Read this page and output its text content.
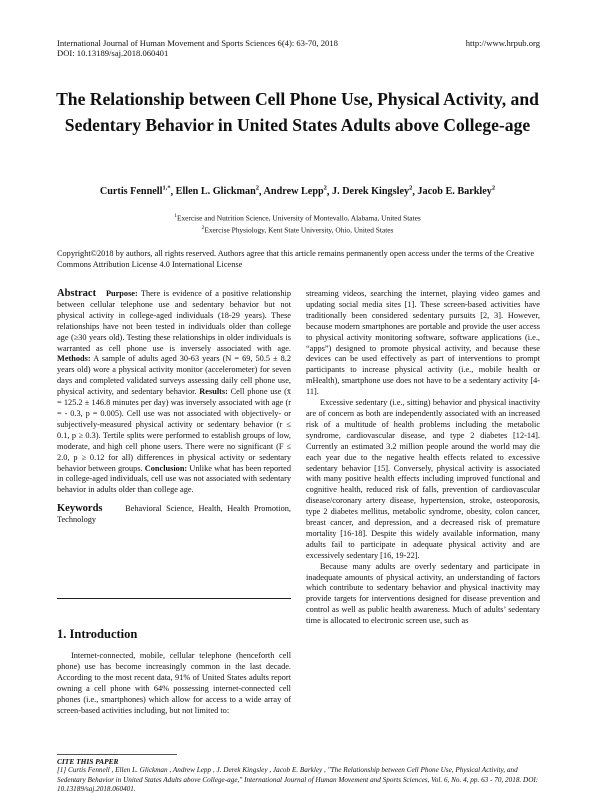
International Journal of Human Movement and Sports Sciences 6(4): 63-70, 2018	http://www.hrpub.org
DOI: 10.13189/saj.2018.060401
The Relationship between Cell Phone Use, Physical Activity, and Sedentary Behavior in United States Adults above College-age
Curtis Fennell$^{1,*}$, Ellen L. Glickman$^2$, Andrew Lepp$^2$, J. Derek Kingsley$^2$, Jacob E. Barkley$^2$
$^1$Exercise and Nutrition Science, University of Montevallo, Alabama, United States
$^2$Exercise Physiology, Kent State University, Ohio, United States
Copyright©2018 by authors, all rights reserved. Authors agree that this article remains permanently open access under the terms of the Creative Commons Attribution License 4.0 International License

Abstract Purpose: There is evidence of a positive relationship between cellular telephone use and sedentary behavior but not physical activity in college-aged individuals (18-29 years). These relationships have not been tested in individuals older than college age (≥30 years old). Testing these relationships in older individuals is warranted as cell phone use is inversely associated with age. Methods: A sample of adults aged 30-63 years (N = 69, 50.5 ± 8.2 years old) wore a physical activity monitor (accelerometer) for seven days and completed validated surveys assessing daily cell phone use, physical activity, and sedentary behavior. Results: Cell phone use (x̄ = 125.2 ± 146.8 minutes per day) was inversely associated with age (r = - 0.3, p = 0.005). Cell use was not associated with objectively- or subjectively-measured physical activity or sedentary behavior (r ≤ 0.1, p ≥ 0.3). Tertile splits were performed to establish groups of low, moderate, and high cell phone users. There were no significant (F ≤ 2.0, p ≥ 0.12 for all) differences in physical activity or sedentary behavior between groups. Conclusion: Unlike what has been reported in college-aged individuals, cell use was not associated with sedentary behavior in adults older than college age.

Keywords	Behavioral Science, Health, Health Promotion, Technology

1. Introduction

Internet-connected, mobile, cellular telephone (henceforth cell phone) use has become increasingly common in the last decade. According to the most recent data, 91% of United States adults report owning a cell phone with 64% possessing internet-connected cell phones (i.e., smartphones) which allow for access to a wide array of screen-based activities including, but not limited to:

streaming videos, searching the internet, playing video games and updating social media sites [1]. These screen-based activities have traditionally been considered sedentary pursuits [2, 3]. However, because modern smartphones are portable and provide the user access to physical activity monitoring software, software applications (i.e., “apps”) designed to promote physical activity, and because these devices can be used effectively as part of interventions to prompt participants to increase physical activity (i.e., mobile health or mHealth), smartphone use does not have to be a sedentary activity [4-11].

Excessive sedentary (i.e., sitting) behavior and physical inactivity are of concern as both are independently associated with an increased risk of a multitude of health problems including the metabolic syndrome, cardiovascular disease, and type 2 diabetes [12-14]. Currently an estimated 3.2 million people around the world may die each year due to the negative health effects related to excessive sedentary behavior [15]. Conversely, physical activity is associated with many positive health effects including improved functional and cognitive health, reduced risk of falls, prevention of cardiovascular disease/coronary artery disease, hypertension, stroke, osteoporosis, type 2 diabetes mellitus, metabolic syndrome, obesity, colon cancer, breast cancer, and depression, and a decreased risk of premature mortality [16-18]. Despite this widely available information, many adults fail to participate in adequate physical activity and are excessively sedentary [16, 19-22].

Because many adults are overly sedentary and participate in inadequate amounts of physical activity, an understanding of factors which contribute to sedentary behavior and physical inactivity may provide targets for interventions designed for disease prevention and control as well as public health awareness. Much of adults’ sedentary time is allocated to electronic screen use, such as

CITE THIS PAPER
[1] Curtis Fennell , Ellen L. Glickman , Andrew Lepp , J. Derek Kingsley , Jacob E. Barkley , "The Relationship between Cell Phone Use, Physical Activity, and Sedentary Behavior in United States Adults above College-age," International Journal of Human Movement and Sports Sciences, Vol. 6, No. 4, pp. 63 - 70, 2018. DOI: 10.13189/saj.2018.060401.
